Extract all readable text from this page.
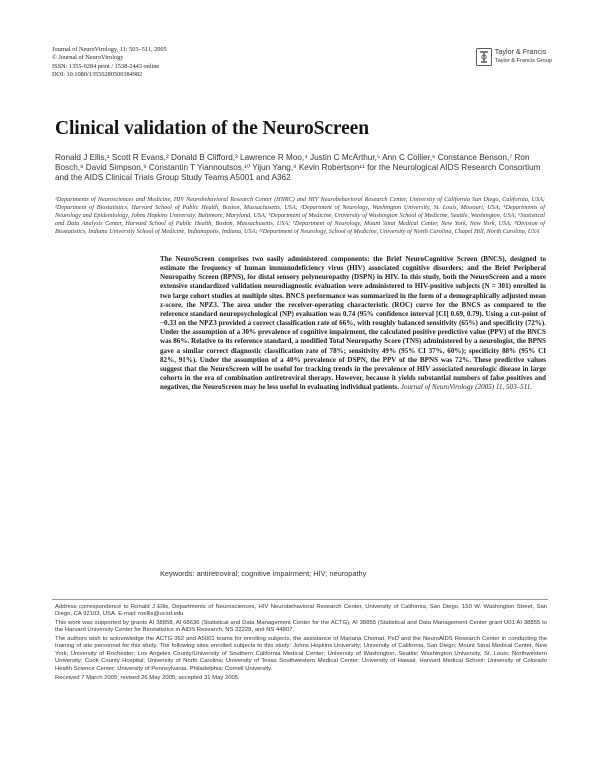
Journal of NeuroVirology, 11: 503–511, 2005
© Journal of NeuroVirology
ISSN: 1355-0284 print / 1538-2443 online
DOI: 10.1080/13550280500384982
Taylor & Francis
Taylor & Francis Group
Clinical validation of the NeuroScreen
Ronald J Ellis,¹ Scott R Evans,² Donald B Clifford,³ Lawrence R Moo,⁴ Justin C McArthur,⁵ Ann C Collier,⁶ Constance Benson,⁷ Ron Bosch,⁸ David Simpson,⁹ Constantin T Yiannoutsos,¹⁰ Yijun Yang,⁸ Kevin Robertson¹¹ for the Neurological AIDS Research Consortium and the AIDS Clinical Trials Group Study Teams A5001 and A362
¹Departments of Neurosciences and Medicine, HIV Neurobehavioral Research Center (HNRC) and HIV Neurobehavioral Research Center, University of California San Diego, California, USA; ²Department of Biostatistics, Harvard School of Public Health, Boston, Massachusetts, USA; ³Department of Neurology, Washington University, St. Louis, Missouri, USA; ⁴Departments of Neurology and Epidemiology, Johns Hopkins University, Baltimore, Maryland, USA; ⁵Department of Medicine, University of Washington School of Medicine, Seattle, Washington, USA; ⁶Statistical and Data Analysis Center, Harvard School of Public Health, Boston, Massachusetts, USA; ⁷Department of Neurology, Mount Sinai Medical Center, New York, New York, USA; ⁸Division of Biostatistics, Indiana University School of Medicine, Indianapolis, Indiana, USA; ¹¹Department of Neurology, School of Medicine, University of North Carolina, Chapel Hill, North Carolina, USA
The NeuroScreen comprises two easily administered components: the Brief NeuroCognitive Screen (BNCS), designed to estimate the frequency of human immunodeficiency virus (HIV) associated cognitive disorders; and the Brief Peripheral Neuropathy Screen (BPNS), for distal sensory polyneuropathy (DSPN) in HIV. In this study, both the NeuroScreen and a more extensive standardized validation neurodiagnostic evaluation were administered to HIV-positive subjects (N = 301) enrolled in two large cohort studies at multiple sites. BNCS performance was summarized in the form of a demographically adjusted mean z-score, the NPZ3. The area under the receiver-operating characteristic (ROC) curve for the BNCS as compared to the reference standard neuropsychological (NP) evaluation was 0.74 (95% confidence interval [CI] 0.69, 0.79). Using a cut-point of −0.33 on the NPZ3 provided a correct classification rate of 66%, with roughly balanced sensitivity (65%) and specificity (72%). Under the assumption of a 30% prevalence of cognitive impairment, the calculated positive predictive value (PPV) of the BNCS was 86%. Relative to its reference standard, a modified Total Neuropathy Score (TNS) administered by a neurologist, the BPNS gave a similar correct diagnostic classification rate of 78%; sensitivity 49% (95% CI 37%, 60%); specificity 88% (95% CI 82%, 91%). Under the assumption of a 40% prevalence of DSPN, the PPV of the BPNS was 72%. These predictive values suggest that the NeuroScreen will be useful for tracking trends in the prevalence of HIV associated neurologic disease in large cohorts in the era of combination antiretroviral therapy. However, because it yields substantial numbers of false positives and negatives, the NeuroScreen may be less useful in evaluating individual patients. Journal of NeuroVirology (2005) 11, 503–511.
Keywords: antiretroviral; cognitive impairment; HIV; neuropathy

Address correspondence to Ronald J Ellis, Departments of Neurosciences, HIV Neurobehavioral Research Center, University of California, San Diego, 150 W. Washington Street, San Diego, CA 92103, USA. E-mail: roellis@ucsd.edu

This work was supported by grants AI 38858, AI 68636 (Statistical and Data Management Center for the ACTG), AI 38855 (Statistical and Data Management Center grant U01 AI 38855 to the Harvard University Center for Biostatistics in AIDS Research, NS 32228, and NS 44807.

The authors wish to acknowledge the ACTG 362 and A5001 teams for enrolling subjects, the assistance of Mariana Chomat, PsD and the NeuroAIDS Research Center in conducting the training of site personnel for this study. The following sites enrolled subjects to this study: Johns Hopkins University; University of California, San Diego; Mount Sinai Medical Center, New York; University of Rochester; Los Angeles County/University of Southern California Medical Center; University of Washington, Seattle; Washington University, St. Louis; Northwestern University; Cook County Hospital; University of North Carolina; University of Texas Southwestern Medical Center; University of Hawaii; Harvard Medical School; University of Colorado Health Science Center; University of Pennsylvania, Philadelphia; Cornell University.

Received 7 March 2005; revised 26 May 2005; accepted 31 May 2005.
